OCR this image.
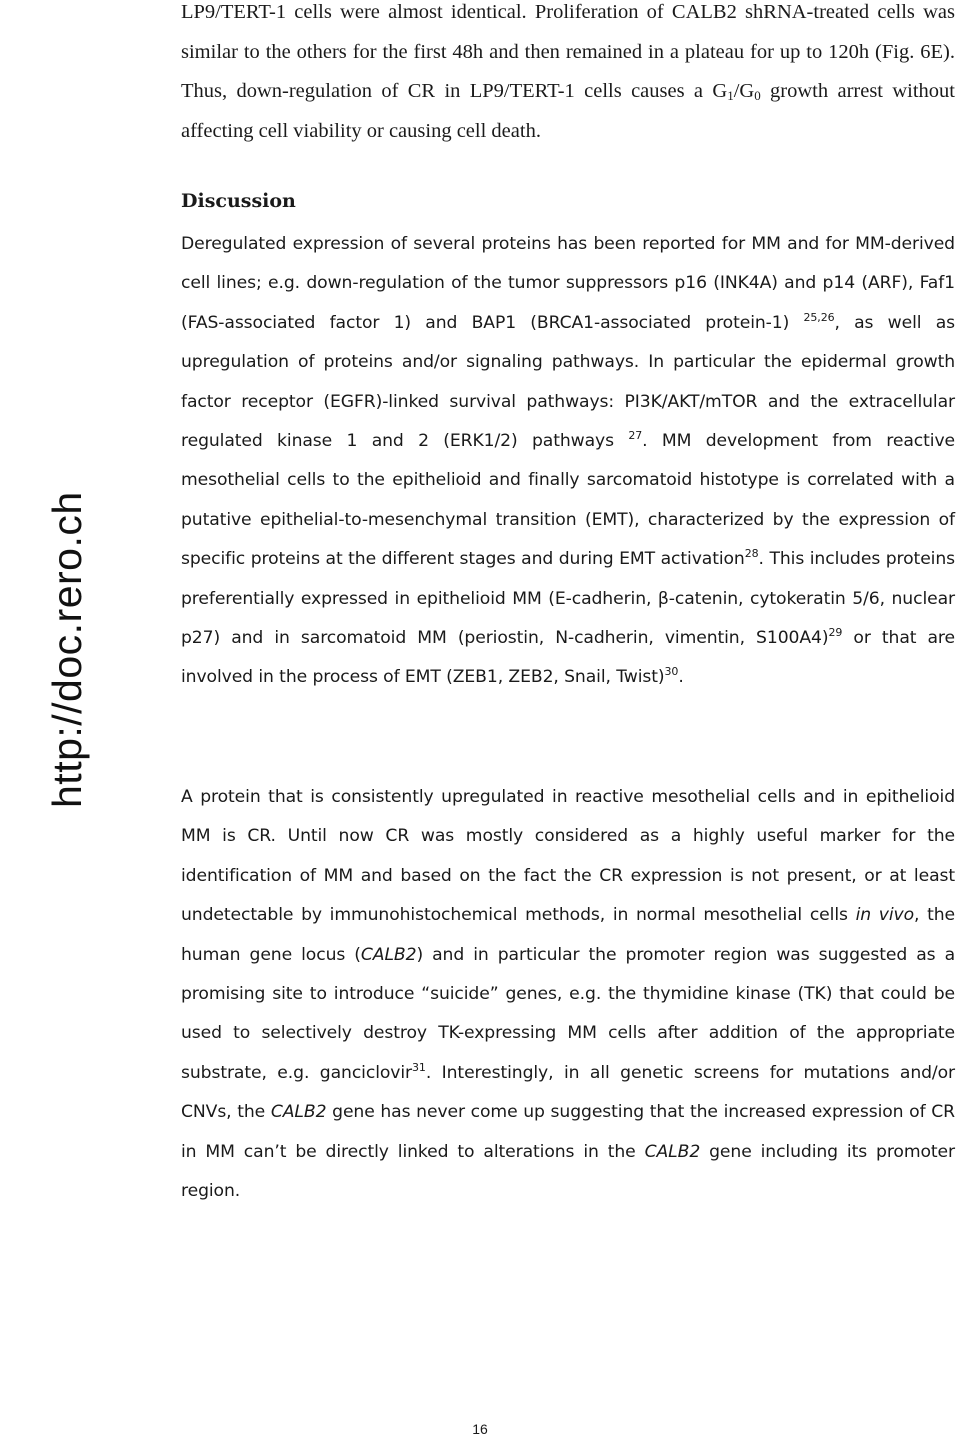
http://doc.rero.ch

LP9/TERT-1 cells were almost identical. Proliferation of CALB2 shRNA-treated cells was similar to the others for the first 48h and then remained in a plateau for up to 120h (Fig. 6E). Thus, down-regulation of CR in LP9/TERT-1 cells causes a $G_1/G_0$ growth arrest without affecting cell viability or causing cell death.

Discussion

Deregulated expression of several proteins has been reported for MM and for MM-derived cell lines; e.g. down-regulation of the tumor suppressors p16 (INK4A) and p14 (ARF), Faf1 (FAS-associated factor 1) and BAP1 (BRCA1-associated protein-1) $^{25,26}$, as well as upregulation of proteins and/or signaling pathways. In particular the epidermal growth factor receptor (EGFR)-linked survival pathways: PI3K/AKT/mTOR and the extracellular regulated kinase 1 and 2 (ERK1/2) pathways $^{27}$. MM development from reactive mesothelial cells to the epithelioid and finally sarcomatoid histotype is correlated with a putative epithelial-to-mesenchymal transition (EMT), characterized by the expression of specific proteins at the different stages and during EMT activation$^{28}$. This includes proteins preferentially expressed in epithelioid MM (E-cadherin, β-catenin, cytokeratin 5/6, nuclear p27) and in sarcomatoid MM (periostin, N-cadherin, vimentin, S100A4)$^{29}$ or that are involved in the process of EMT (ZEB1, ZEB2, Snail, Twist)$^{30}$.

A protein that is consistently upregulated in reactive mesothelial cells and in epithelioid MM is CR. Until now CR was mostly considered as a highly useful marker for the identification of MM and based on the fact the CR expression is not present, or at least undetectable by immunohistochemical methods, in normal mesothelial cells in vivo, the human gene locus (CALB2) and in particular the promoter region was suggested as a promising site to introduce “suicide” genes, e.g. the thymidine kinase (TK) that could be used to selectively destroy TK-expressing MM cells after addition of the appropriate substrate, e.g. ganciclovir$^{31}$. Interestingly, in all genetic screens for mutations and/or CNVs, the CALB2 gene has never come up suggesting that the increased expression of CR in MM can’t be directly linked to alterations in the CALB2 gene including its promoter region.

16
